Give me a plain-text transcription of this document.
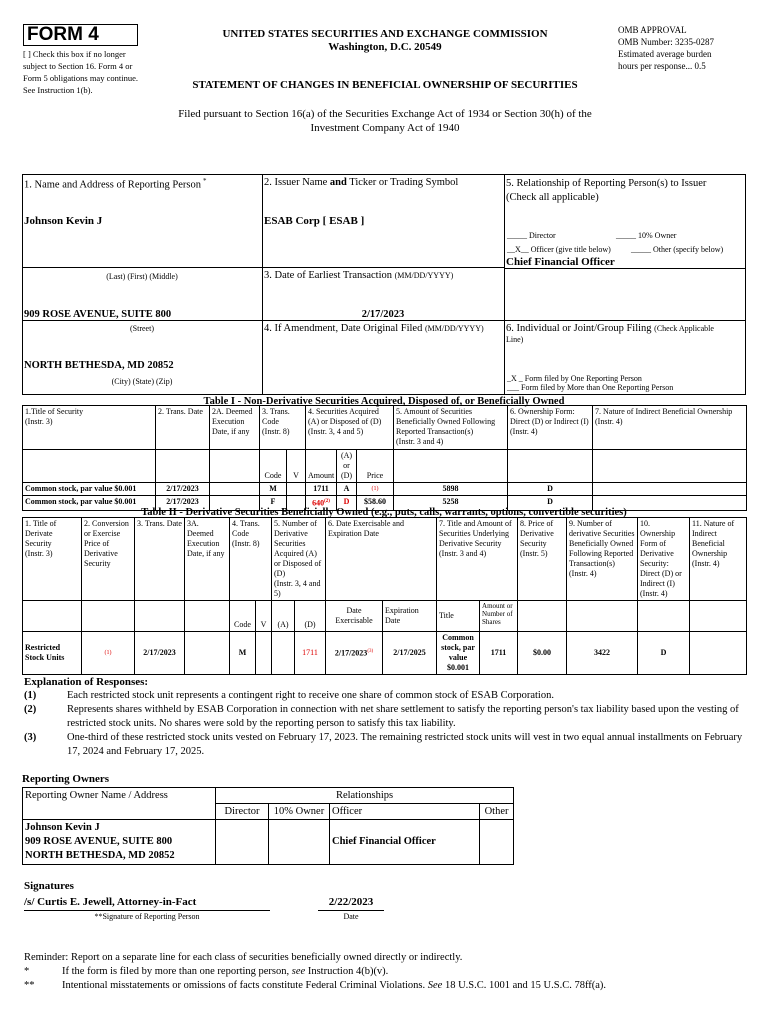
FORM 4
[ ] Check this box if no longer subject to Section 16. Form 4 or Form 5 obligations may continue. See Instruction 1(b).
UNITED STATES SECURITIES AND EXCHANGE COMMISSION
Washington, D.C. 20549
OMB APPROVAL
OMB Number: 3235-0287
Estimated average burden
hours per response... 0.5
STATEMENT OF CHANGES IN BENEFICIAL OWNERSHIP OF SECURITIES
Filed pursuant to Section 16(a) of the Securities Exchange Act of 1934 or Section 30(h) of the
Investment Company Act of 1940
1. Name and Address of Reporting Person *
Johnson Kevin J
(Last) (First) (Middle)
909 ROSE AVENUE, SUITE 800
(Street)
NORTH BETHESDA, MD 20852
(City) (State) (Zip)
2. Issuer Name and Ticker or Trading Symbol
ESAB Corp [ ESAB ]
3. Date of Earliest Transaction (MM/DD/YYYY)
2/17/2023
4. If Amendment, Date Original Filed (MM/DD/YYYY)
5. Relationship of Reporting Person(s) to Issuer
(Check all applicable)
_____ Director	_____ 10% Owner
__X__ Officer (give title below)	_____ Other (specify below)
Chief Financial Officer
6. Individual or Joint/Group Filing (Check Applicable
Line)
_X _ Form filed by One Reporting Person
___ Form filed by More than One Reporting Person
Table I - Non-Derivative Securities Acquired, Disposed of, or Beneficially Owned
1.Title of Security
(Instr. 3)	2. Trans. Date	2A. Deemed Execution Date, if any	3. Trans. Code
(Instr. 8)		4. Securities Acquired (A) or Disposed of (D)
(Instr. 3, 4 and 5)			5. Amount of Securities Beneficially Owned Following Reported Transaction(s)
(Instr. 3 and 4)	6. Ownership Form: Direct (D) or Indirect (I) (Instr. 4)	7. Nature of Indirect Beneficial Ownership (Instr. 4)
			Code	V	Amount	(A)
or
(D)	Price			
Common stock, par value $0.001	2/17/2023		M		1711	A	(1)	5898	D	
Common stock, par value $0.001	2/17/2023		F		640$^{(2)}$	D	$58.60	5258	D	
Table II - Derivative Securities Beneficially Owned (e.g., puts, calls, warrants, options, convertible securities)
1. Title of Derivate Security
(Instr. 3)	2. Conversion or Exercise Price of Derivative Security	3. Trans. Date	3A. Deemed Execution Date, if any	4. Trans. Code
(Instr. 8)		5. Number of Derivative Securities Acquired (A) or Disposed of (D)
(Instr. 3, 4 and 5)		6. Date Exercisable and Expiration Date		7. Title and Amount of Securities Underlying Derivative Security
(Instr. 3 and 4)		8. Price of Derivative Security
(Instr. 5)	9. Number of derivative Securities Beneficially Owned Following Reported Transaction(s)
(Instr. 4)	10. Ownership Form of Derivative Security: Direct (D) or Indirect (I)
(Instr. 4)	11. Nature of Indirect Beneficial Ownership
(Instr. 4)
				Code	V	(A)	(D)	Date Exercisable	Expiration Date	Title	Amount or Number of Shares				
Restricted Stock Units	(1)	2/17/2023		M			1711	2/17/2023$^{(3)}$	2/17/2025	Common stock, par value $0.001	1711	$0.00	3422	D	
Explanation of Responses:
(1)	Each restricted stock unit represents a contingent right to receive one share of common stock of ESAB Corporation.
(2)	Represents shares withheld by ESAB Corporation in connection with net share settlement to satisfy the reporting person's tax liability based upon the vesting of restricted stock units. No shares were sold by the reporting person to satisfy this tax liability.
(3)	One-third of these restricted stock units vested on February 17, 2023. The remaining restricted stock units will vest in two equal annual installments on February 17, 2024 and February 17, 2025.
Reporting Owners
Reporting Owner Name / Address	Relationships			
	Director	10% Owner	Officer	Other

Johnson Kevin J
909 ROSE AVENUE, SUITE 800
NORTH BETHESDA, MD 20852			Chief Financial Officer	
Signatures
/s/ Curtis E. Jewell, Attorney-in-Fact
**Signature of Reporting Person
2/22/2023
Date
Reminder: Report on a separate line for each class of securities beneficially owned directly or indirectly.
*	If the form is filed by more than one reporting person, see Instruction 4(b)(v).
**	Intentional misstatements or omissions of facts constitute Federal Criminal Violations. See 18 U.S.C. 1001 and 15 U.S.C. 78ff(a).
